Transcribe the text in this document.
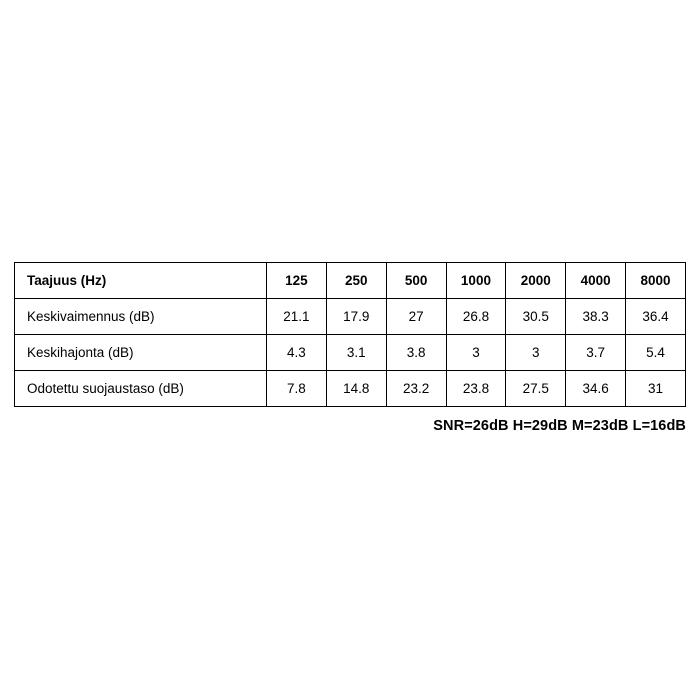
Taajuus (Hz)	125	250	500	1000	2000	4000	8000
Keskivaimennus (dB)	21.1	17.9	27	26.8	30.5	38.3	36.4
Keskihajonta (dB)	4.3	3.1	3.8	3	3	3.7	5.4
Odotettu suojaustaso (dB)	7.8	14.8	23.2	23.8	27.5	34.6	31
SNR=26dB H=29dB M=23dB L=16dB
